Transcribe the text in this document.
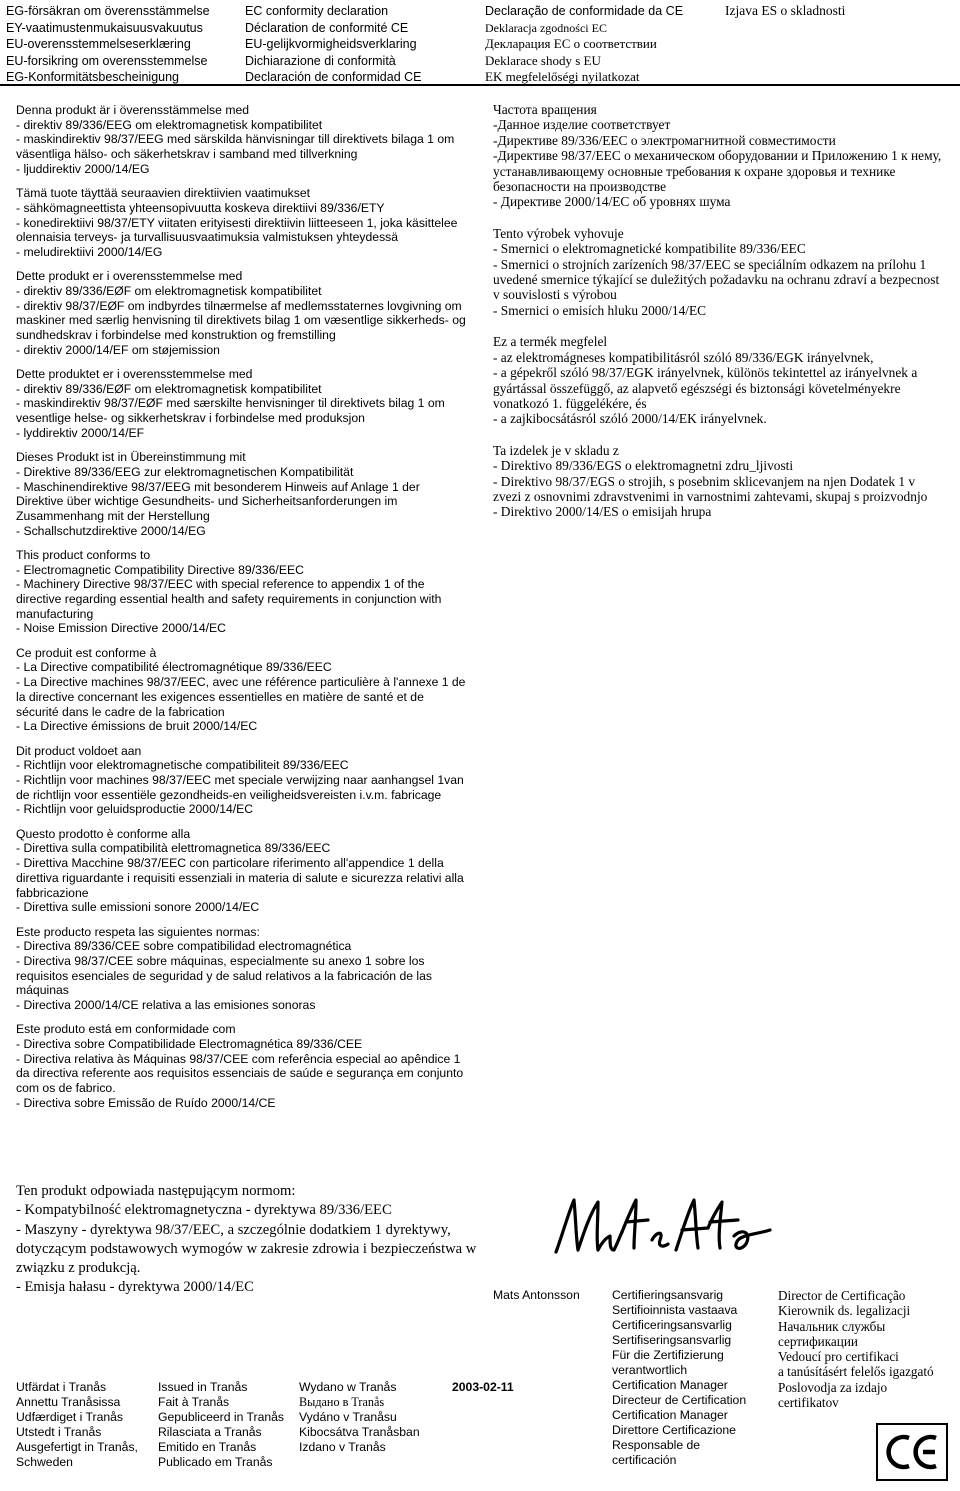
EG-försäkran om överensstämmelse
EY-vaatimustenmukaisuusvakuutus
EU-overensstemmelseserklæring
EU-forsikring om overensstemmelse
EG-Konformitätsbescheinigung
EC conformity declaration
Déclaration de conformité CE
EU-gelijkvormigheidsverklaring
Dichiarazione di conformità
Declaración de conformidad CE
Declaração de conformidade da CE
Deklaracja zgodności EC
Декларация ЕС о соответствии
Deklarace shody s EU
EK megfelelőségi nyilatkozat
Izjava ES o skladnosti
Denna produkt är i överensstämmelse med
- direktiv 89/336/EEG om elektromagnetisk kompatibilitet
- maskindirektiv 98/37/EEG med särskilda hänvisningar till direktivets bilaga 1 om väsentliga hälso- och säkerhetskrav i samband med tillverkning
- ljuddirektiv 2000/14/EG
Tämä tuote täyttää seuraavien direktiivien vaatimukset
- sähkömagneettista yhteensopivuutta koskeva direktiivi 89/336/ETY
- konedirektiivi 98/37/ETY viitaten erityisesti direktiivin liitteeseen 1, joka käsittelee olennaisia terveys- ja turvallisuusvaatimuksia valmistuksen yhteydessä
- meludirektiivi 2000/14/EG
Dette produkt er i overensstemmelse med
- direktiv 89/336/EØF om elektromagnetisk kompatibilitet
- direktiv 98/37/EØF om indbyrdes tilnærmelse af medlemsstaternes lovgivning om maskiner med særlig henvisning til direktivets bilag 1 om væsentlige sikkerheds- og sundhedskrav i forbindelse med konstruktion og fremstilling
- direktiv 2000/14/EF om støjemission
Dette produktet er i overensstemmelse med
- direktiv 89/336/EØF om elektromagnetisk kompatibilitet
- maskindirektiv 98/37/EØF med særskilte henvisninger til direktivets bilag 1 om vesentlige helse- og sikkerhetskrav i forbindelse med produksjon
- lyddirektiv 2000/14/EF
Dieses Produkt ist in Übereinstimmung mit
- Direktive 89/336/EEG zur elektromagnetischen Kompatibilität
- Maschinendirektive 98/37/EEG mit besonderem Hinweis auf Anlage 1 der Direktive über wichtige Gesundheits- und Sicherheitsanforderungen im Zusammenhang mit der Herstellung
- Schallschutzdirektive 2000/14/EG
This product conforms to
- Electromagnetic Compatibility Directive 89/336/EEC
- Machinery Directive 98/37/EEC with special reference to appendix 1 of the directive regarding essential health and safety requirements in conjunction with manufacturing
- Noise Emission Directive 2000/14/EC
Ce produit est conforme à
- La Directive compatibilité électromagnétique 89/336/EEC
- La Directive machines 98/37/EEC, avec une référence particulière à l'annexe 1 de la directive concernant les exigences essentielles en matière de santé et de sécurité dans le cadre de la fabrication
- La Directive émissions de bruit 2000/14/EC
Dit product voldoet aan
- Richtlijn voor elektromagnetische compatibiliteit 89/336/EEC
- Richtlijn voor machines 98/37/EEC met speciale verwijzing naar aanhangsel 1van de richtlijn voor essentiële gezondheids-en veiligheidsvereisten i.v.m. fabricage
- Richtlijn voor geluidsproductie 2000/14/EC
Questo prodotto è conforme alla
- Direttiva sulla compatibilità elettromagnetica 89/336/EEC
- Direttiva Macchine 98/37/EEC con particolare riferimento all'appendice 1 della direttiva riguardante i requisiti essenziali in materia di salute e sicurezza relativi alla fabbricazione
- Direttiva sulle emissioni sonore 2000/14/EC
Este producto respeta las siguientes normas:
- Directiva 89/336/CEE sobre compatibilidad electromagnética
- Directiva 98/37/CEE sobre máquinas, especialmente su anexo 1 sobre los requisitos esenciales de seguridad y de salud relativos a la fabricación de las máquinas
- Directiva 2000/14/CE relativa a las emisiones sonoras
Este produto está em conformidade com
- Directiva sobre Compatibilidade Electromagnética 89/336/CEE
- Directiva relativa às Máquinas 98/37/CEE com referência especial ao apêndice 1 da directiva referente aos requisitos essenciais de saúde e segurança em conjunto com os de fabrico.
- Directiva sobre Emissão de Ruído 2000/14/CE
Ten produkt odpowiada następującym normom:
- Kompatybilność elektromagnetyczna - dyrektywa 89/336/EEC
- Maszyny - dyrektywa 98/37/EEC, a szczególnie dodatkiem 1 dyrektywy, dotyczącym podstawowych wymogów w zakresie zdrowia i bezpieczeństwa w związku z produkcją.
- Emisja hałasu - dyrektywa 2000/14/EC
Частота вращения
-Данное изделие соответствует
-Директиве 89/336/EEC о электромагнитной совместимости
-Директиве 98/37/EEC о механическом оборудовании и Приложению 1 к нему, устанавливающему основные требования к охране здоровья и технике безопасности на производстве
- Директиве 2000/14/EC об уровнях шума
Tento výrobek vyhovuje
- Smernici o elektromagnetické kompatibilite 89/336/EEC
- Smernici o strojních zarízeních 98/37/EEC se speciálním odkazem na prílohu 1 uvedené smernice týkající se duležitých požadavku na ochranu zdraví a bezpecnost v souvislosti s výrobou
- Smernici o emisích hluku 2000/14/EC
Ez a termék megfelel
- az elektromágneses kompatibilitásról szóló 89/336/EGK irányelvnek,
- a gépekről szóló 98/37/EGK irányelvnek, különös tekintettel az irányelvnek a gyártással összefüggő, az alapvető egészségi és biztonsági követelményekre vonatkozó 1. függelékére, és
- a zajkibocsátásról szóló 2000/14/EK irányelvnek.
Ta izdelek je v skladu z
- Direktivo 89/336/EGS o elektromagnetni zdru_ljivosti
- Direktivo 98/37/EGS o strojih, s posebnim sklicevanjem na njen Dodatek 1 v zvezi z osnovnimi zdravstvenimi in varnostnimi zahtevami, skupaj s proizvodnjo
- Direktivo 2000/14/ES o emisijah hrupa
Mats Antonsson	Certifieringsansvarig
Sertifioinnista vastaava
Certificeringsansvarlig
Sertifiseringsansvarlig
Für die Zertifizierung verantwortlich
Certification Manager
Directeur de Certification
Certification Manager
Direttore Certificazione
Responsable de certificación
Director de Certificação
Kierownik ds. legalizacji
Начальник службы сертификации
Vedoucí pro certifikaci
a tanúsításért felelős igazgató
Poslovodja za izdajo certifikatov
Utfärdat i Tranås
Annettu Tranåsissa
Udfærdiget i Tranås
Utstedt i Tranås
Ausgefertigt in Tranås,
Schweden
Issued in Tranås
Fait à Tranås
Gepubliceerd in Tranås
Rilasciata a Tranås
Emitido en Tranås
Publicado em Tranås
Wydano w Tranås
Выдано в Tranås
Vydáno v Tranåsu
Kibocsátva Tranåsban
Izdano v Tranås
2003-02-11
